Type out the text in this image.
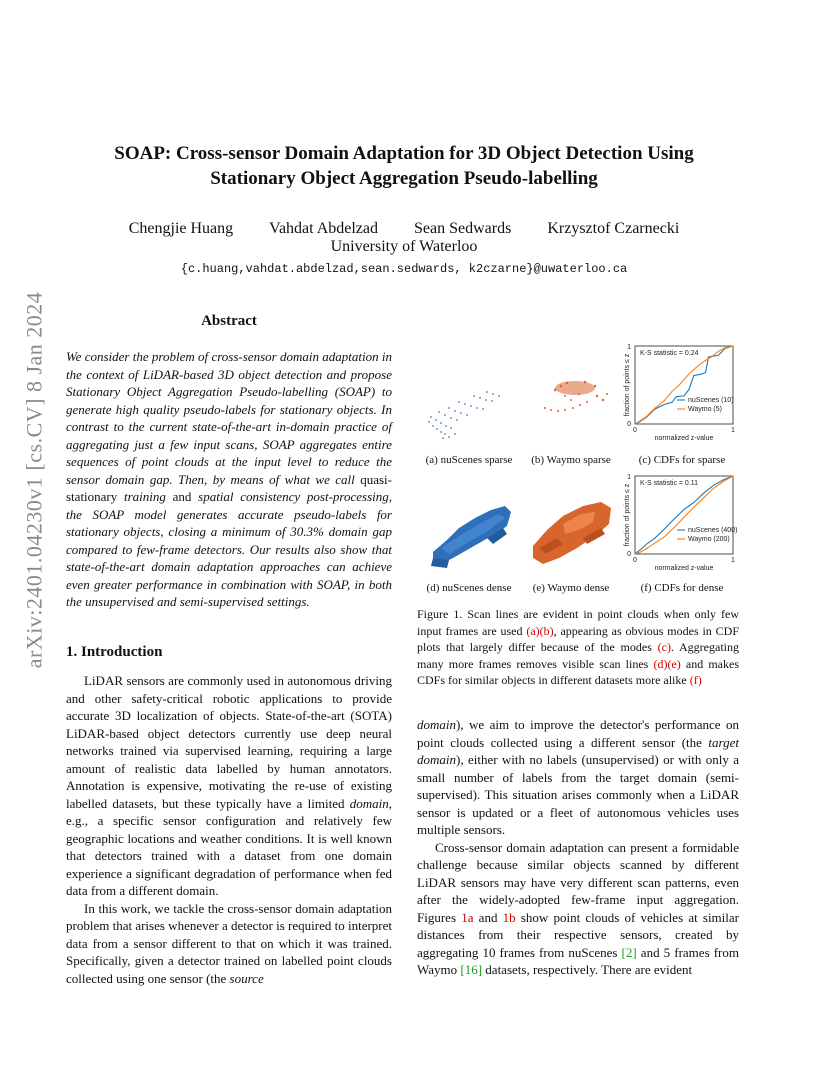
arXiv:2401.04230v1 [cs.CV] 8 Jan 2024
SOAP: Cross-sensor Domain Adaptation for 3D Object Detection Using
Stationary Object Aggregation Pseudo-labelling
Chengjie Huang Vahdat Abdelzad Sean Sedwards Krzysztof Czarnecki
University of Waterloo
{c.huang,vahdat.abdelzad,sean.sedwards, k2czarne}@uwaterloo.ca
Abstract
We consider the problem of cross-sensor domain adaptation in the context of LiDAR-based 3D object detection and propose Stationary Object Aggregation Pseudo-labelling (SOAP) to generate high quality pseudo-labels for stationary objects. In contrast to the current state-of-the-art in-domain practice of aggregating just a few input scans, SOAP aggregates entire sequences of point clouds at the input level to reduce the sensor domain gap. Then, by means of what we call quasi-stationary training and spatial consistency post-processing, the SOAP model generates accurate pseudo-labels for stationary objects, closing a minimum of 30.3% domain gap compared to few-frame detectors. Our results also show that state-of-the-art domain adaptation approaches can achieve even greater performance in combination with SOAP, in both the unsupervised and semi-supervised settings.
1. Introduction

LiDAR sensors are commonly used in autonomous driving and other safety-critical robotic applications to provide accurate 3D localization of objects. State-of-the-art (SOTA) LiDAR-based object detectors currently use deep neural networks trained via supervised learning, requiring a large amount of realistic data labelled by human annotators. Annotation is expensive, motivating the re-use of existing labelled datasets, but these typically have a limited domain, e.g., a specific sensor configuration and relatively few geographic locations and weather conditions. It is well known that detectors trained with a dataset from one domain experience a significant degradation of performance when fed data from a different domain.

In this work, we tackle the cross-sensor domain adaptation problem that arises whenever a detector is required to interpret data from a sensor different to that on which it was trained. Specifically, given a detector trained on labelled point clouds collected using one sensor (the source

1
0
0	1
normalized z-value
fraction of points ≤ z
K-S statistic = 0.24
nuScenes (10)
Waymo (5)
(a) nuScenes sparse	(b) Waymo sparse	(c) CDFs for sparse
1
0
0	1
normalized z-value
fraction of points ≤ z
K-S statistic = 0.11
nuScenes (400)
Waymo (200)
(d) nuScenes dense	(e) Waymo dense	(f) CDFs for dense
Figure 1. Scan lines are evident in point clouds when only few input frames are used (a)(b), appearing as obvious modes in CDF plots that largely differ because of the modes (c). Aggregating many more frames removes visible scan lines (d)(e) and makes CDFs for similar objects in different datasets more alike (f)

domain), we aim to improve the detector's performance on point clouds collected using a different sensor (the target domain), either with no labels (unsupervised) or with only a small number of labels from the target domain (semi-supervised). This situation arises commonly when a LiDAR sensor is updated or a fleet of autonomous vehicles uses multiple sensors.

Cross-sensor domain adaptation can present a formidable challenge because similar objects scanned by different LiDAR sensors may have very different scan patterns, even after the widely-adopted few-frame input aggregation. Figures 1a and 1b show point clouds of vehicles at similar distances from their respective sensors, created by aggregating 10 frames from nuScenes [2] and 5 frames from Waymo [16] datasets, respectively. There are evident
